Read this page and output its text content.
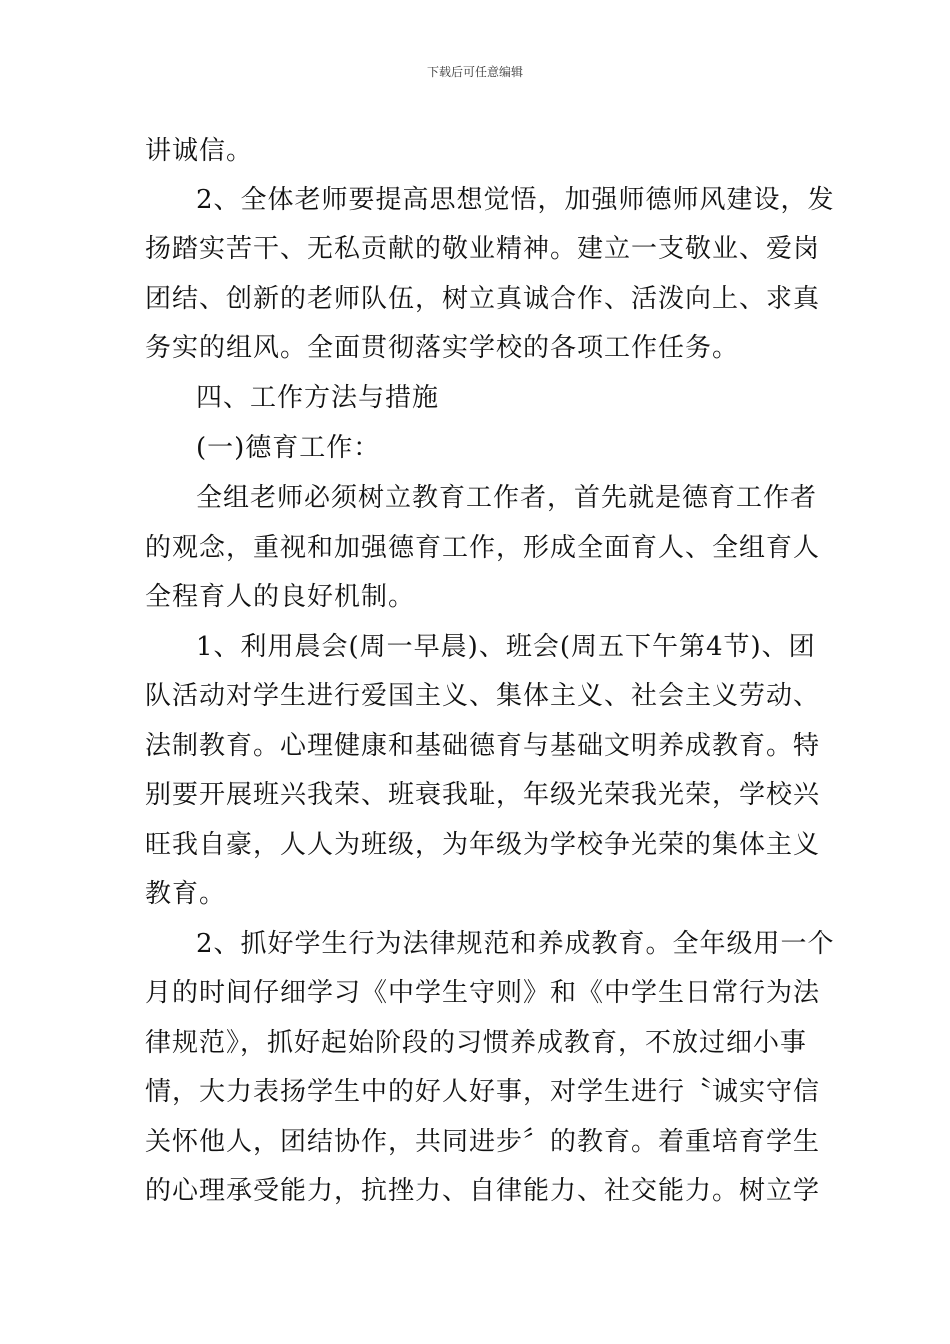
下载后可任意编辑
讲诚信。
2、全体老师要提高思想觉悟，加强师德师风建设，发
扬踏实苦干、无私贡献的敬业精神。建立一支敬业、爱岗
团结、创新的老师队伍，树立真诚合作、活泼向上、求真
务实的组风。全面贯彻落实学校的各项工作任务。
四、工作方法与措施
(一)德育工作：
全组老师必须树立教育工作者，首先就是德育工作者
的观念，重视和加强德育工作，形成全面育人、全组育人
全程育人的良好机制。
1、利用晨会(周一早晨)、班会(周五下午第4节)、团
队活动对学生进行爱国主义、集体主义、社会主义劳动、
法制教育。心理健康和基础德育与基础文明养成教育。特
别要开展班兴我荣、班衰我耻，年级光荣我光荣，学校兴
旺我自豪，人人为班级，为年级为学校争光荣的集体主义
教育。
2、抓好学生行为法律规范和养成教育。全年级用一个
月的时间仔细学习《中学生守则》和《中学生日常行为法
律规范》，抓好起始阶段的习惯养成教育，不放过细小事
情，大力表扬学生中的好人好事，对学生进行〝诚实守信
关怀他人，团结协作，共同进步〞的教育。着重培育学生
的心理承受能力，抗挫力、自律能力、社交能力。树立学
